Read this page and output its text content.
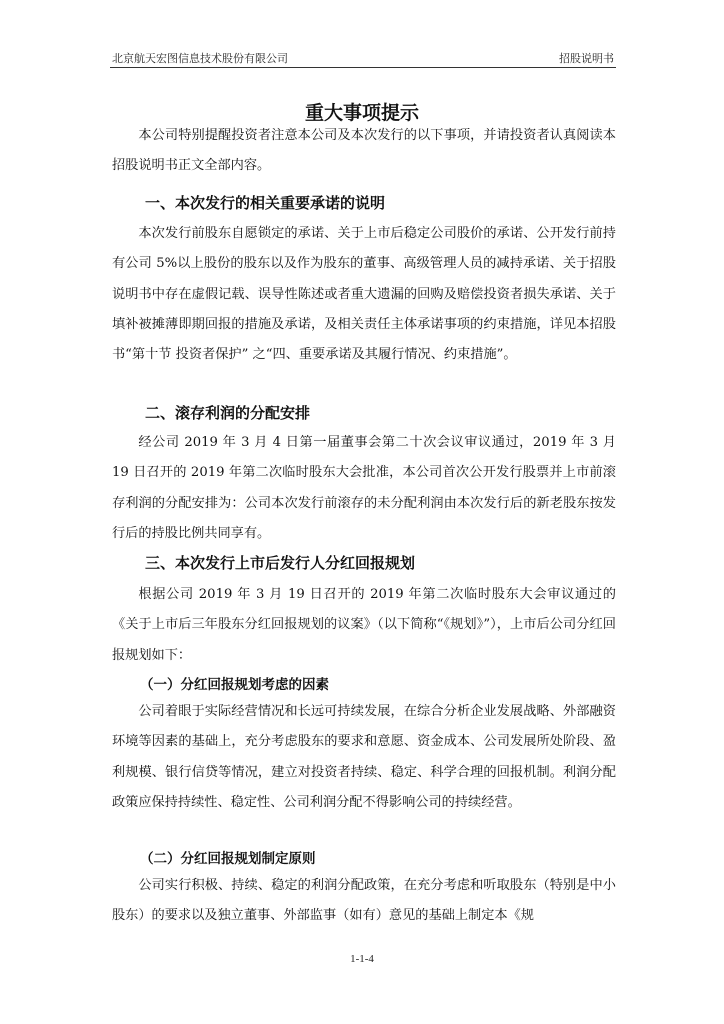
北京航天宏图信息技术股份有限公司	招股说明书
重大事项提示
本公司特别提醒投资者注意本公司及本次发行的以下事项，并请投资者认真阅读本招股说明书正文全部内容。
一、本次发行的相关重要承诺的说明
本次发行前股东自愿锁定的承诺、关于上市后稳定公司股价的承诺、公开发行前持有公司 5%以上股份的股东以及作为股东的董事、高级管理人员的减持承诺、关于招股说明书中存在虚假记载、误导性陈述或者重大遗漏的回购及赔偿投资者损失承诺、关于填补被摊薄即期回报的措施及承诺，及相关责任主体承诺事项的约束措施，详见本招股书“第十节 投资者保护” 之“四、重要承诺及其履行情况、约束措施”。
二、滚存利润的分配安排
经公司 2019 年 3 月 4 日第一届董事会第二十次会议审议通过，2019 年 3 月 19 日召开的 2019 年第二次临时股东大会批准，本公司首次公开发行股票并上市前滚存利润的分配安排为：公司本次发行前滚存的未分配利润由本次发行后的新老股东按发行后的持股比例共同享有。
三、本次发行上市后发行人分红回报规划
根据公司 2019 年 3 月 19 日召开的 2019 年第二次临时股东大会审议通过的《关于上市后三年股东分红回报规划的议案》（以下简称“《规划》”），上市后公司分红回报规划如下：
（一）分红回报规划考虑的因素
公司着眼于实际经营情况和长远可持续发展，在综合分析企业发展战略、外部融资环境等因素的基础上，充分考虑股东的要求和意愿、资金成本、公司发展所处阶段、盈利规模、银行信贷等情况，建立对投资者持续、稳定、科学合理的回报机制。利润分配政策应保持持续性、稳定性、公司利润分配不得影响公司的持续经营。
（二）分红回报规划制定原则
公司实行积极、持续、稳定的利润分配政策，在充分考虑和听取股东（特别是中小股东）的要求以及独立董事、外部监事（如有）意见的基础上制定本《规
1-1-4
